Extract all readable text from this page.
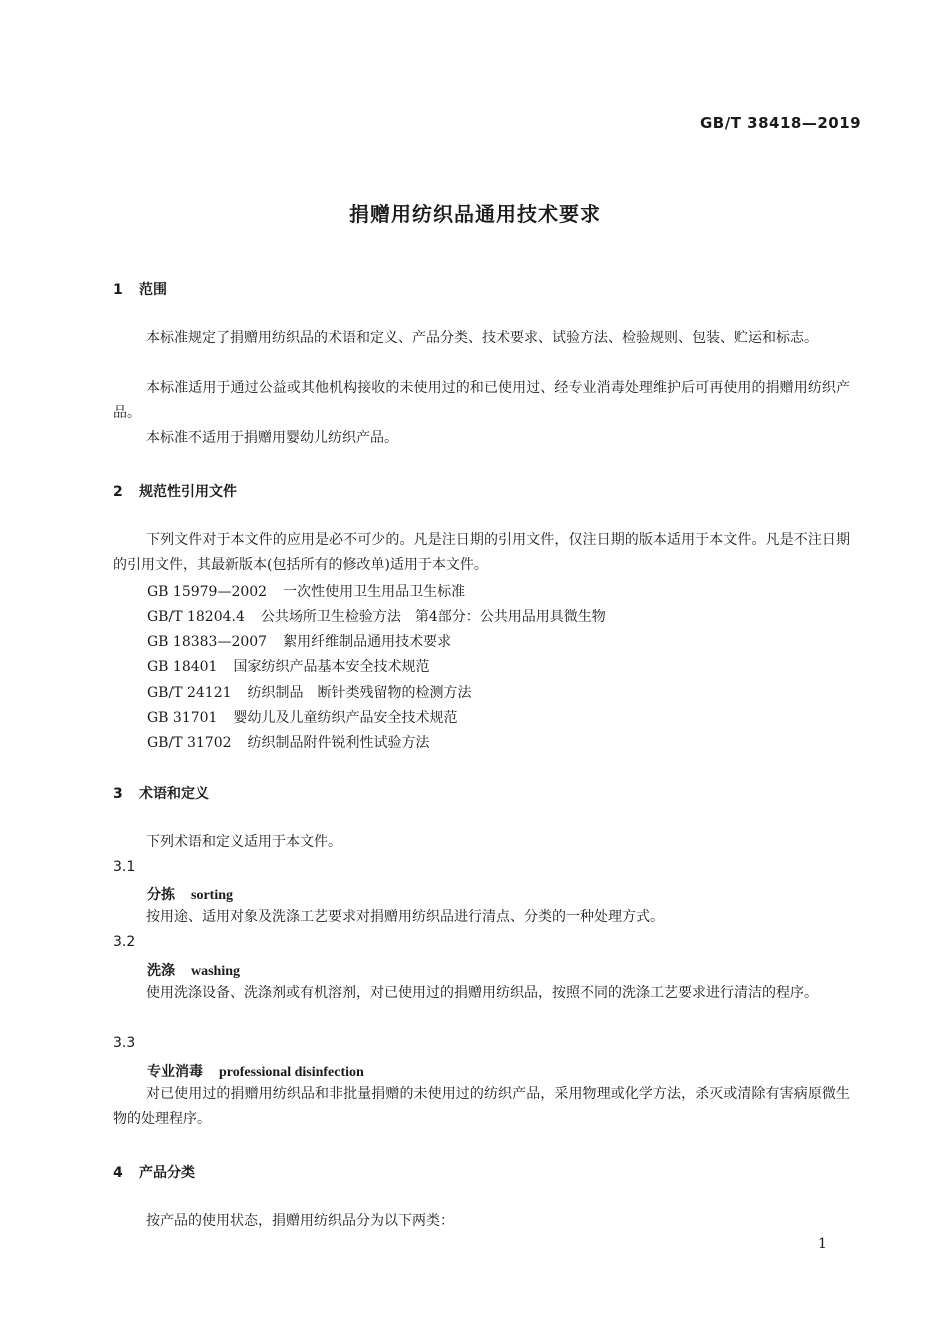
GB/T 38418—2019
捐赠用纺织品通用技术要求
1 范围
本标准规定了捐赠用纺织品的术语和定义、产品分类、技术要求、试验方法、检验规则、包装、贮运和标志。
本标准适用于通过公益或其他机构接收的未使用过的和已使用过、经专业消毒处理维护后可再使用的捐赠用纺织产品。
本标准不适用于捐赠用婴幼儿纺织产品。
2 规范性引用文件
下列文件对于本文件的应用是必不可少的。凡是注日期的引用文件，仅注日期的版本适用于本文件。凡是不注日期的引用文件，其最新版本(包括所有的修改单)适用于本文件。
GB 15979—2002 一次性使用卫生用品卫生标准
GB/T 18204.4 公共场所卫生检验方法　第4部分：公共用品用具微生物
GB 18383—2007 絮用纤维制品通用技术要求
GB 18401 国家纺织产品基本安全技术规范
GB/T 24121 纺织制品　断针类残留物的检测方法
GB 31701 婴幼儿及儿童纺织产品安全技术规范
GB/T 31702 纺织制品附件锐利性试验方法
3 术语和定义
下列术语和定义适用于本文件。
3.1
分拣 sorting
按用途、适用对象及洗涤工艺要求对捐赠用纺织品进行清点、分类的一种处理方式。
3.2
洗涤 washing
使用洗涤设备、洗涤剂或有机溶剂，对已使用过的捐赠用纺织品，按照不同的洗涤工艺要求进行清洁的程序。
3.3
专业消毒 professional disinfection
对已使用过的捐赠用纺织品和非批量捐赠的未使用过的纺织产品，采用物理或化学方法，杀灭或清除有害病原微生物的处理程序。
4 产品分类
按产品的使用状态，捐赠用纺织品分为以下两类：
1
